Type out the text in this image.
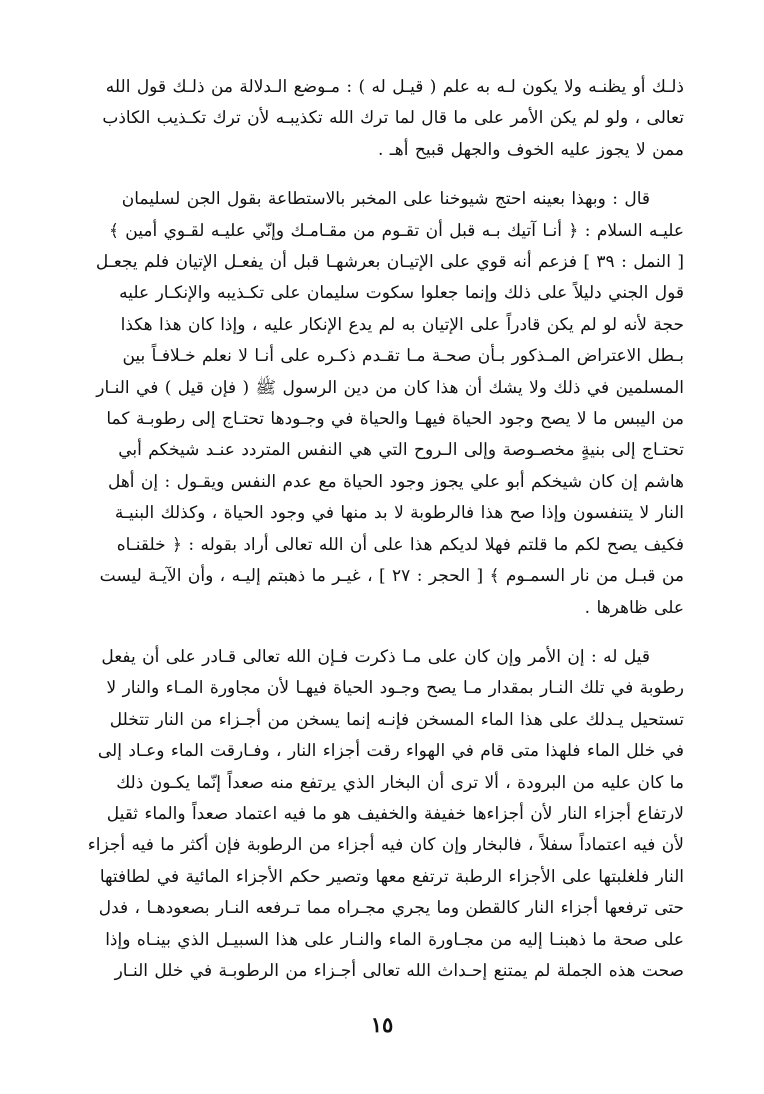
ذلـك أو يظنـه ولا يكون لـه به علم ( قيـل له ) : مـوضع الـدلالة من ذلـك قول الله
تعالى ، ولو لم يكن الأمر على ما قال لما ترك الله تكذيبـه لأن ترك تكـذيب الكاذب
ممن لا يجوز عليه الخوف والجهل قبيح أهـ .

قال : وبهذا بعينه احتج شيوخنا على المخبر بالاستطاعة بقول الجن لسليمان
عليـه السلام : ﴿ أنـا آتيك بـه قبل أن تقـوم من مقـامـك وإنّي عليـه لقـوي أمين ﴾
[ النمل : ٣٩ ] فزعم أنه قوي على الإتيـان بعرشهـا قبل أن يفعـل الإتيان فلم يجعـل
قول الجني دليلاً على ذلك وإنما جعلوا سكوت سليمان على تكـذيبه والإنكـار عليه
حجة لأنه لو لم يكن قادراً على الإتيان به لم يدع الإنكار عليه ، وإذا كان هذا هكذا
بـطل الاعتراض المـذكور بـأن صحـة مـا تقـدم ذكـره على أنـا لا نعلم خـلافـاً بين
المسلمين في ذلك ولا يشك أن هذا كان من دين الرسول ﷺ ( فإن قيل ) في النـار
من اليبس ما لا يصح وجود الحياة فيهـا والحياة في وجـودها تحتـاج إلى رطوبـة كما
تحتـاج إلى بنيةٍ مخصـوصة وإلى الـروح التي هي النفس المتردد عنـد شيخكم أبي
هاشم إن كان شيخكم أبو علي يجوز وجود الحياة مع عدم النفس ويقـول : إن أهل
النار لا يتنفسون وإذا صح هذا فالرطوبة لا بد منها في وجود الحياة ، وكذلك البنيـة
فكيف يصح لكم ما قلتم فهلا لديكم هذا على أن الله تعالى أراد بقوله : ﴿ خلقنـاه
من قبـل من نار السمـوم ﴾ [ الحجر : ٢٧ ] ، غيـر ما ذهبتم إليـه ، وأن الآيـة ليست
على ظاهرها .

قيل له : إن الأمر وإن كان على مـا ذكرت فـإن الله تعالى قـادر على أن يفعل
رطوبة في تلك النـار بمقدار مـا يصح وجـود الحياة فيهـا لأن مجاورة المـاء والنار لا
تستحيل يـدلك على هذا الماء المسخن فإنـه إنما يسخن من أجـزاء من النار تتخلل
في خلل الماء فلهذا متى قام في الهواء رقت أجزاء النار ، وفـارقت الماء وعـاد إلى
ما كان عليه من البرودة ، ألا ترى أن البخار الذي يرتفع منه صعداً إنّما يكـون ذلك
لارتفاع أجزاء النار لأن أجزاءها خفيفة والخفيف هو ما فيه اعتماد صعداً والماء ثقيل
لأن فيه اعتماداً سفلاً ، فالبخار وإن كان فيه أجزاء من الرطوبة فإن أكثر ما فيه أجزاء
النار فلغلبتها على الأجزاء الرطبة ترتفع معها وتصير حكم الأجزاء المائية في لطافتها
حتى ترفعها أجزاء النار كالقطن وما يجري مجـراه مما تـرفعه النـار بصعودهـا ، فدل
على صحة ما ذهبنـا إليه من مجـاورة الماء والنـار على هذا السبيـل الذي بينـاه وإذا
صحت هذه الجملة لم يمتنع إحـداث الله تعالى أجـزاء من الرطوبـة في خلل النـار

١٥
